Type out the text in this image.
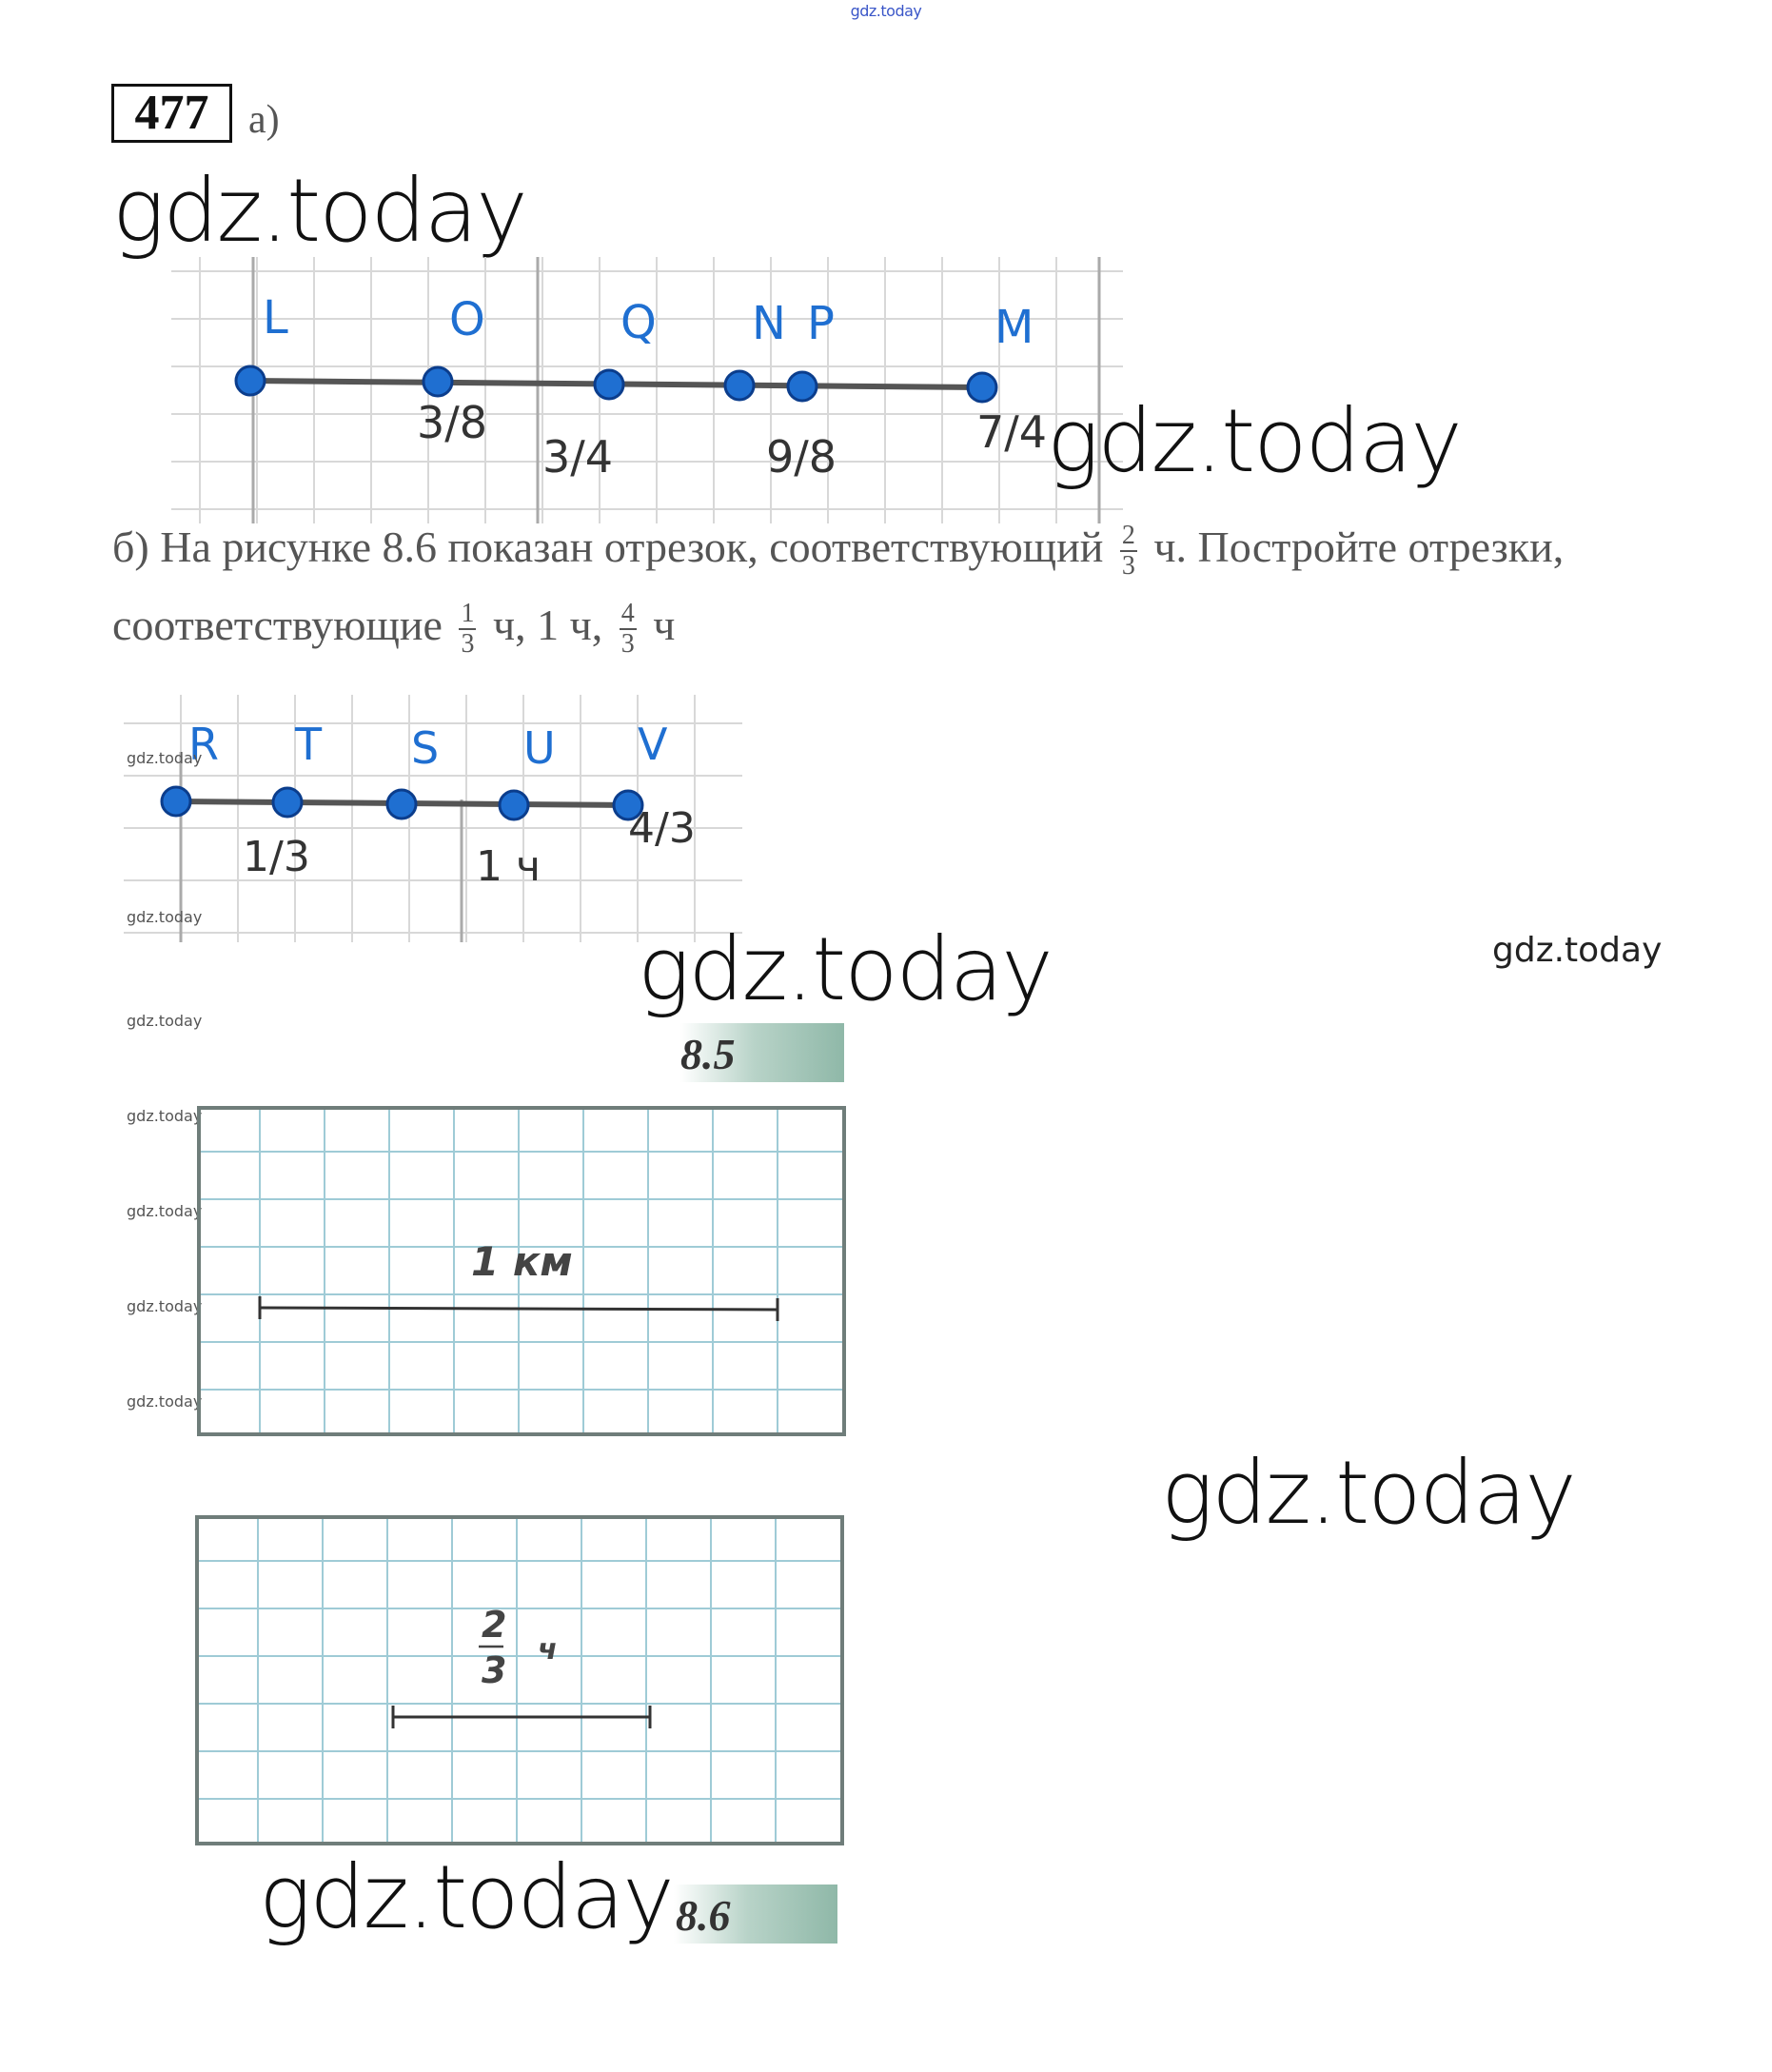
gdz.today
477 а)
gdz.today
L	O	Q N P	M
3/8
3/4	9/8	7/4 gdz.today
б) На рисунке 8.6 показан отрезок, соответствующий $\frac{2}{3} ч$. Постройте отрезки,
соответствующие $\frac{1}{3} ч$, 1 ч, $\frac{4}{3}$ ч
R T S U V
1/3	1 ч
4/3
gdz.today
gdz.today
gdz.today
gdz.today
gdz.today
gdz.today
gdz.today
gdz.today	gdz.today
8.5
1 км
gdz.today
2
3 ч
8.6
gdz.today
